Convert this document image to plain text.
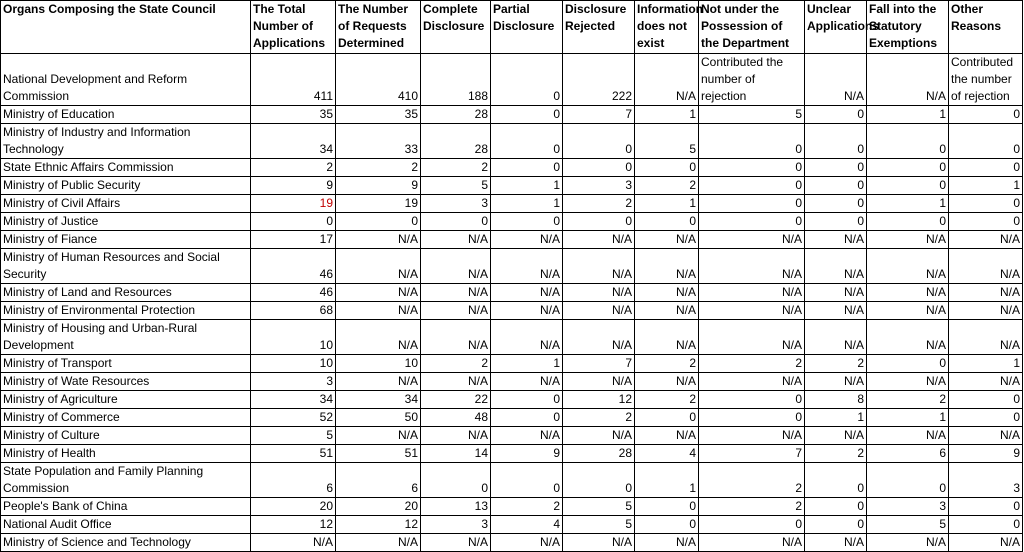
Organs Composing the State Council	The Total Number of Applications	The Number of Requests Determined	Complete Disclosure	Partial Disclosure	Disclosure Rejected	Information does not exist	Not under the Possession of the Department	Unclear Applications	Fall into the Statutory Exemptions	Other Reasons
National Development and Reform Commission	411	410	188	0	222	N/A	Contributed the number of rejection	N/A	N/A	Contributed the number of rejection
Ministry of Education	35	35	28	0	7	1	5	0	1	0
Ministry of Industry and Information Technology	34	33	28	0	0	5	0	0	0	0
State Ethnic Affairs Commission	2	2	2	0	0	0	0	0	0	0
Ministry of Public Security	9	9	5	1	3	2	0	0	0	1
Ministry of Civil Affairs	19	19	3	1	2	1	0	0	1	0
Ministry of Justice	0	0	0	0	0	0	0	0	0	0
Ministry of Fiance	17	N/A	N/A	N/A	N/A	N/A	N/A	N/A	N/A	N/A
Ministry of Human Resources and Social Security	46	N/A	N/A	N/A	N/A	N/A	N/A	N/A	N/A	N/A
Ministry of Land and Resources	46	N/A	N/A	N/A	N/A	N/A	N/A	N/A	N/A	N/A
Ministry of Environmental Protection	68	N/A	N/A	N/A	N/A	N/A	N/A	N/A	N/A	N/A
Ministry of Housing and Urban-Rural Development	10	N/A	N/A	N/A	N/A	N/A	N/A	N/A	N/A	N/A
Ministry of Transport	10	10	2	1	7	2	2	2	0	1
Ministry of Wate Resources	3	N/A	N/A	N/A	N/A	N/A	N/A	N/A	N/A	N/A
Ministry of Agriculture	34	34	22	0	12	2	0	8	2	0
Ministry of Commerce	52	50	48	0	2	0	0	1	1	0
Ministry of Culture	5	N/A	N/A	N/A	N/A	N/A	N/A	N/A	N/A	N/A
Ministry of Health	51	51	14	9	28	4	7	2	6	9
State Population and Family Planning Commission	6	6	0	0	0	1	2	0	0	3
People's Bank of China	20	20	13	2	5	0	2	0	3	0
National Audit Office	12	12	3	4	5	0	0	0	5	0
Ministry of Science and Technology	N/A	N/A	N/A	N/A	N/A	N/A	N/A	N/A	N/A	N/A
